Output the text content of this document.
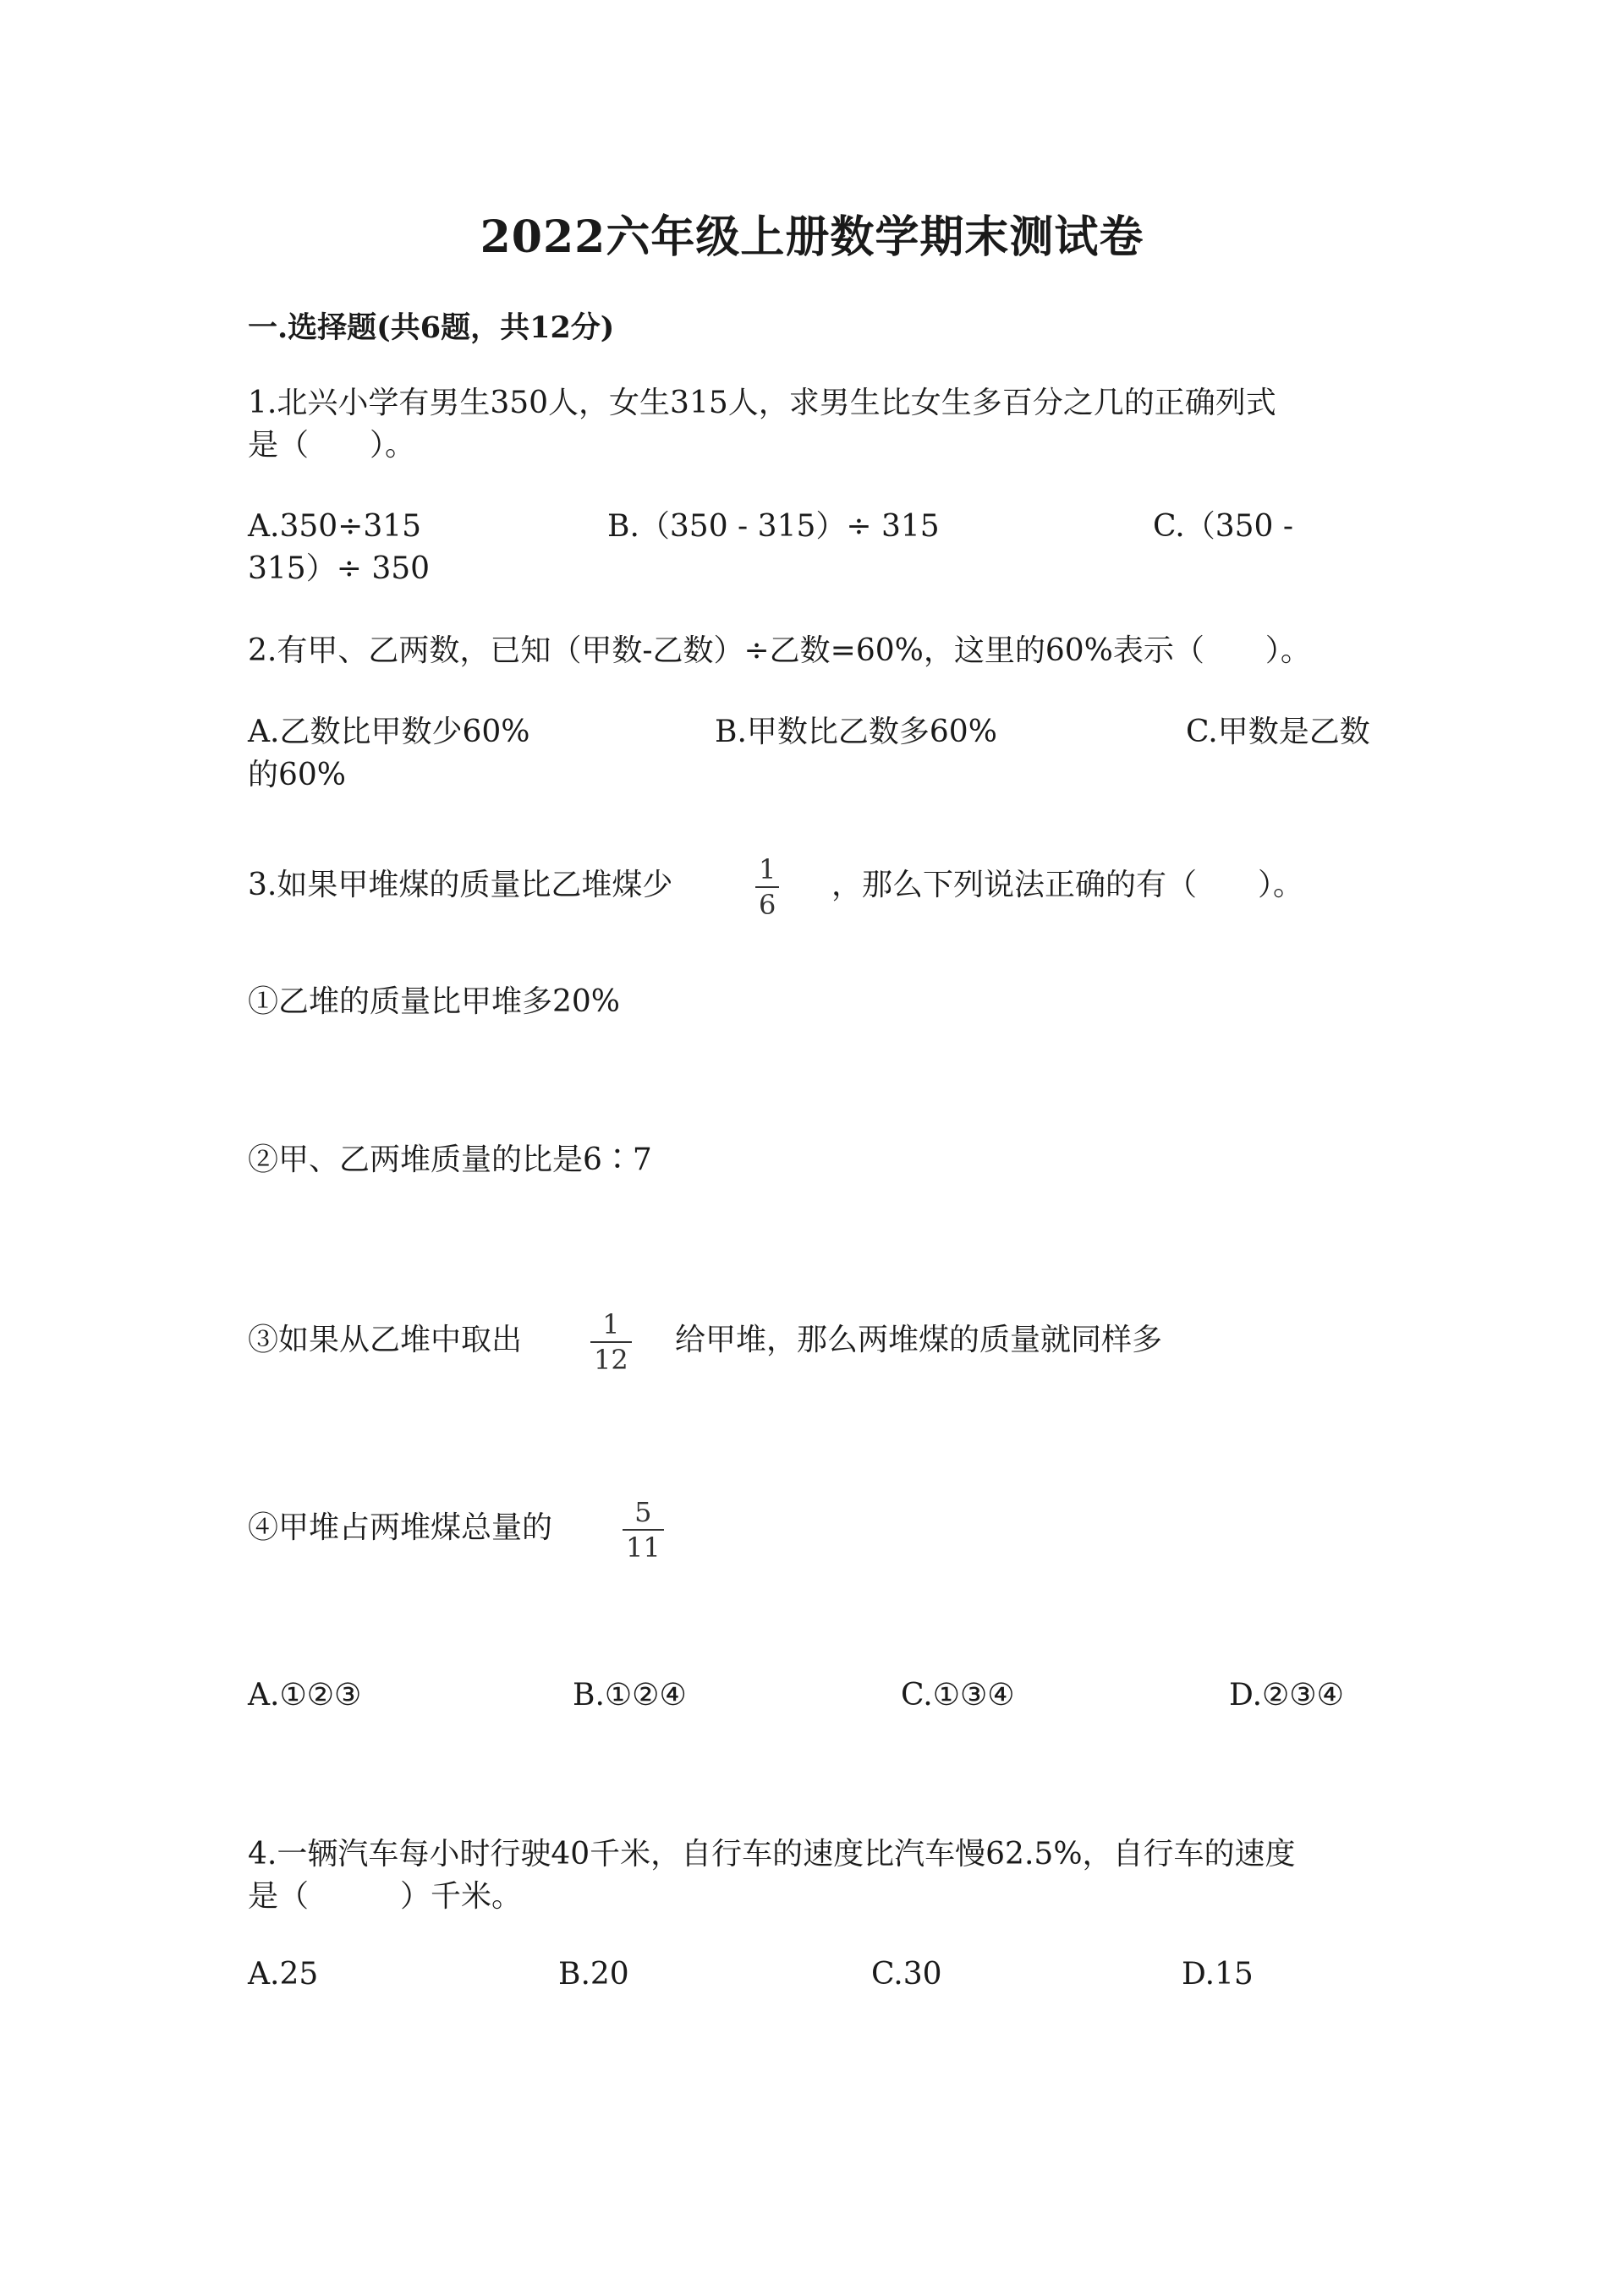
2022六年级上册数学期末测试卷
一.选择题(共6题，共12分)
1.北兴小学有男生350人，女生315人，求男生比女生多百分之几的正确列式
是（　　）。
A.350÷315	B.（350 - 315）÷ 315	C.（350 -
315）÷ 350
2.有甲、乙两数，已知（甲数-乙数）÷乙数=60%，这里的60%表示（　　）。
A.乙数比甲数少60%	B.甲数比乙数多60%	C.甲数是乙数
的60%
3.如果甲堆煤的质量比乙堆煤少	1
6
，那么下列说法正确的有（　　）。
①乙堆的质量比甲堆多20%
②甲、乙两堆质量的比是6∶7
③如果从乙堆中取出	1
12
给甲堆，那么两堆煤的质量就同样多
④甲堆占两堆煤总量的	5
11
A.①②③	B.①②④	C.①③④	D.②③④
4.一辆汽车每小时行驶40千米，自行车的速度比汽车慢62.5%，自行车的速度
是（　　　）千米。
A.25	B.20	C.30	D.15
